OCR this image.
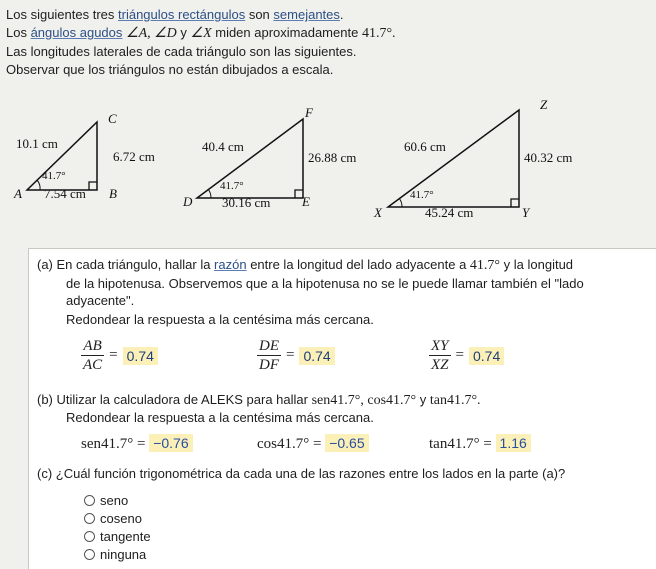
Los siguientes tres triángulos rectángulos son semejantes.
Los ángulos agudos ∠A, ∠D y ∠X miden aproximadamente 41.7°.
Las longitudes laterales de cada triángulo son las siguientes.
Observar que los triángulos no están dibujados a escala.
A	B
C
10.1 cm
6.72 cm
7.54 cm
41.7°
D	E
F
40.4 cm
26.88 cm
30.16 cm
41.7°
X	Y
Z
60.6 cm
40.32 cm
45.24 cm
41.7°
(a) En cada triángulo, hallar la razón entre la longitud del lado adyacente a 41.7° y la longitud
de la hipotenusa. Observemos que a la hipotenusa no se le puede llamar también el "lado
adyacente".
Redondear la respuesta a la centésima más cercana.
$\frac{AB}{AC} = 0.74$	$\frac{DE}{DF} = 0.74$	$\frac{XY}{XZ} = 0.74$
(b) Utilizar la calculadora de ALEKS para hallar sen41.7°, cos41.7° y tan41.7°.
Redondear la respuesta a la centésima más cercana.
sen41.7° = −0.76	cos41.7° = −0.65	tan41.7° = 1.16
(c) ¿Cuál función trigonométrica da cada una de las razones entre los lados en la parte (a)?
seno
coseno
tangente
ninguna
